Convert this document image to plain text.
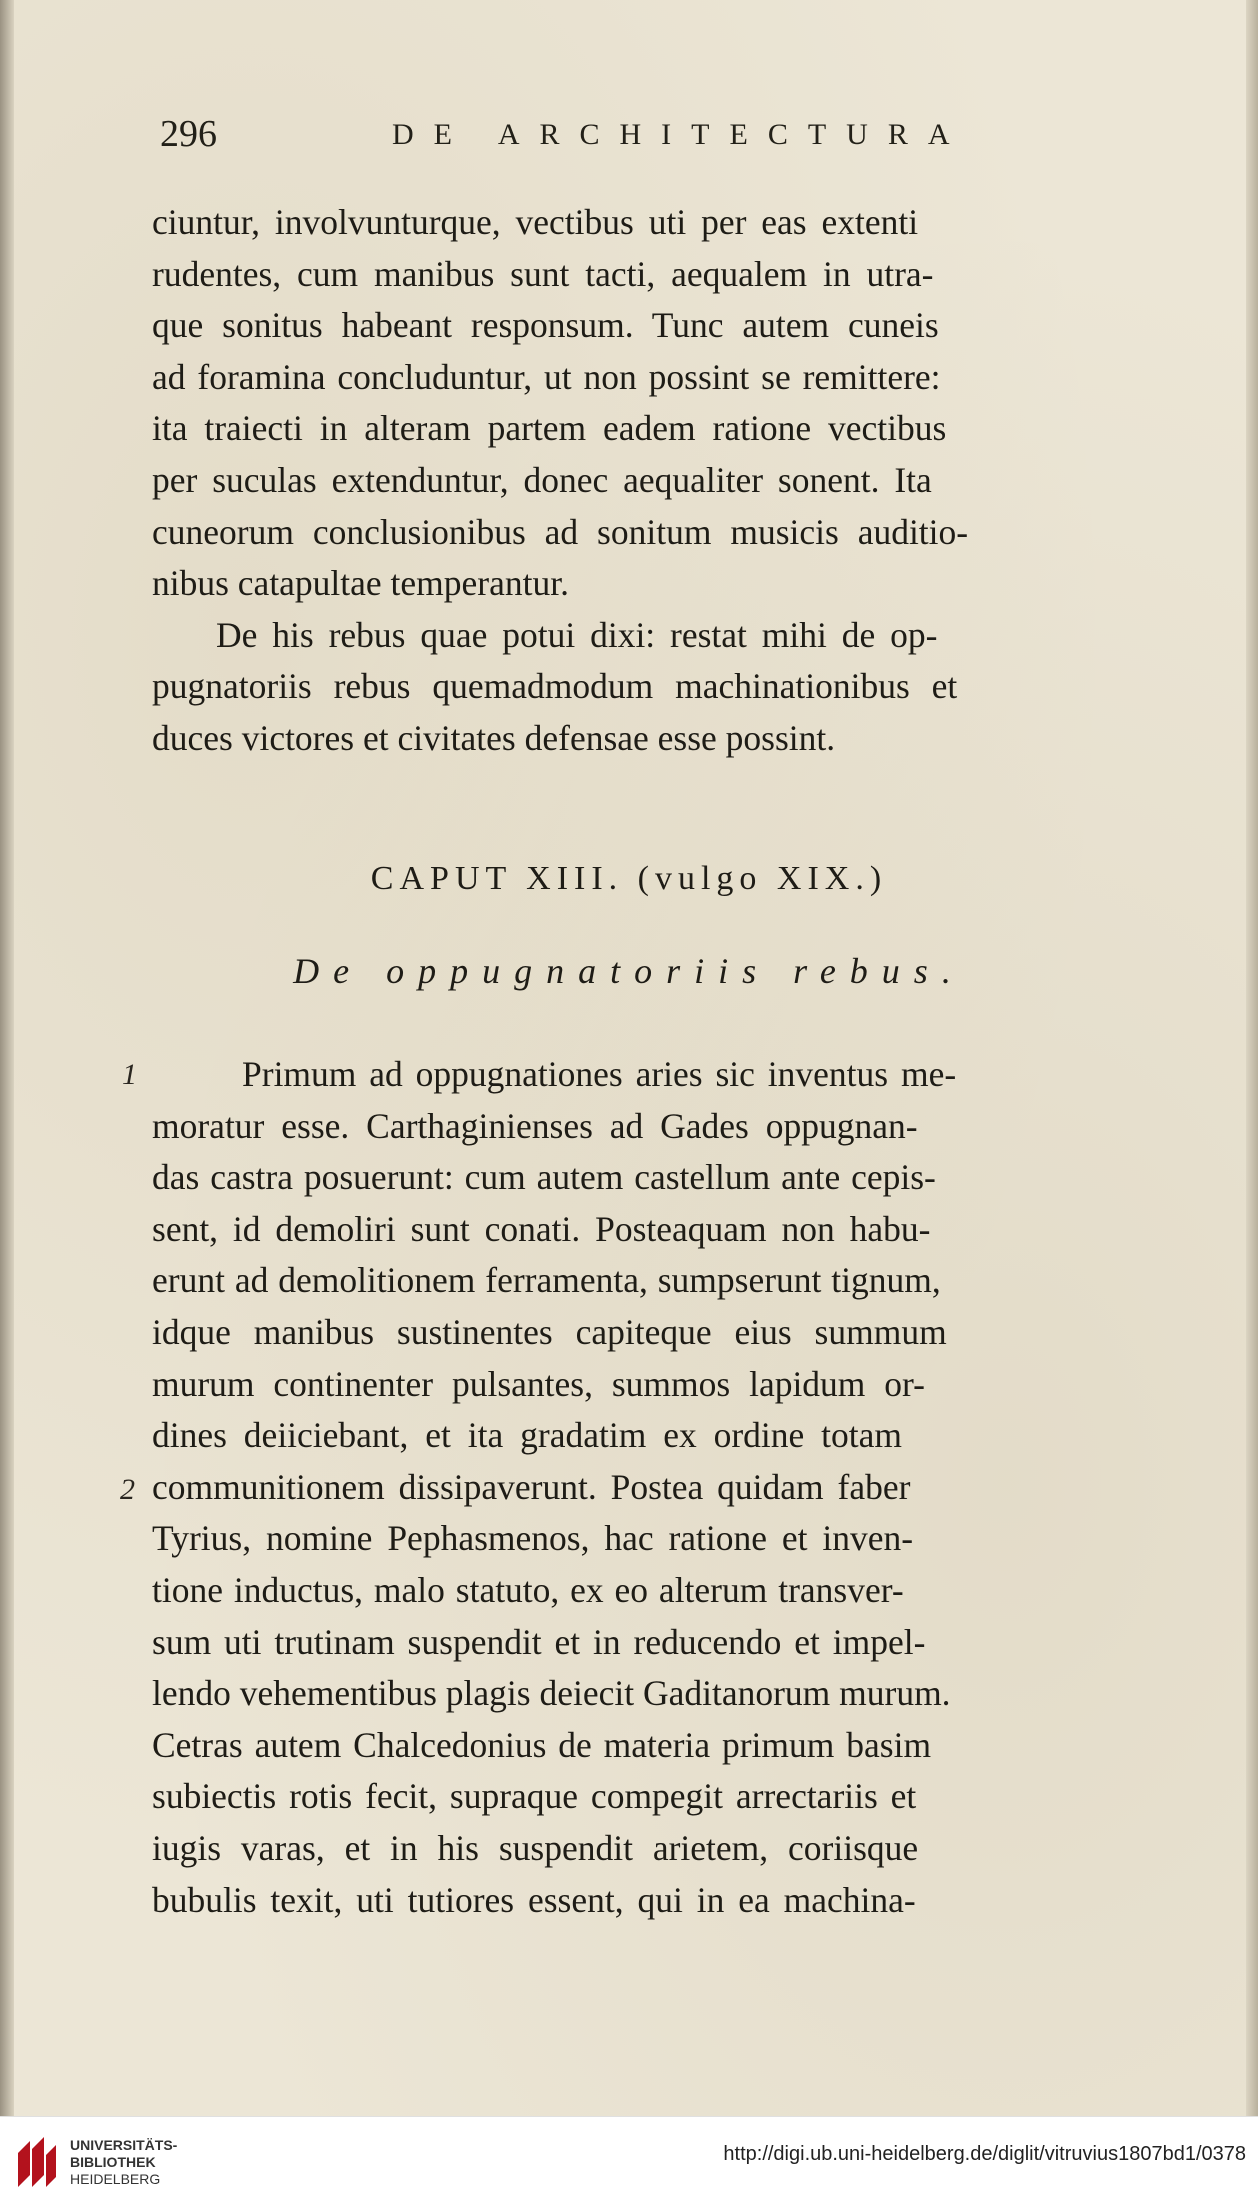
296	DE ARCHITECTURA
ciuntur, involvunturque, vectibus uti per eas extenti
rudentes, cum manibus sunt tacti, aequalem in utra-
que sonitus habeant responsum. Tunc autem cuneis
ad foramina concluduntur, ut non possint se remittere:
ita traiecti in alteram partem eadem ratione vectibus
per suculas extenduntur, donec aequaliter sonent. Ita
cuneorum conclusionibus ad sonitum musicis auditio-
nibus catapultae temperantur.
De his rebus quae potui dixi: restat mihi de op-
pugnatoriis rebus quemadmodum machinationibus et
duces victores et civitates defensae esse possint.
CAPUT XIII. (vulgo XIX.)
De oppugnatoriis rebus.
1
2
Primum ad oppugnationes aries sic inventus me-
moratur esse. Carthaginienses ad Gades oppugnan-
das castra posuerunt: cum autem castellum ante cepis-
sent, id demoliri sunt conati. Posteaquam non habu-
erunt ad demolitionem ferramenta, sumpserunt tignum,
idque manibus sustinentes capiteque eius summum
murum continenter pulsantes, summos lapidum or-
dines deiiciebant, et ita gradatim ex ordine totam
communitionem dissipaverunt. Postea quidam faber
Tyrius, nomine Pephasmenos, hac ratione et inven-
tione inductus, malo statuto, ex eo alterum transver-
sum uti trutinam suspendit et in reducendo et impel-
lendo vehementibus plagis deiecit Gaditanorum murum.
Cetras autem Chalcedonius de materia primum basim
subiectis rotis fecit, supraque compegit arrectariis et
iugis varas, et in his suspendit arietem, coriisque
bubulis texit, uti tutiores essent, qui in ea machina-
UNIVERSITÄTS-
BIBLIOTHEK
HEIDELBERG
http://digi.ub.uni-heidelberg.de/diglit/vitruvius1807bd1/0378
